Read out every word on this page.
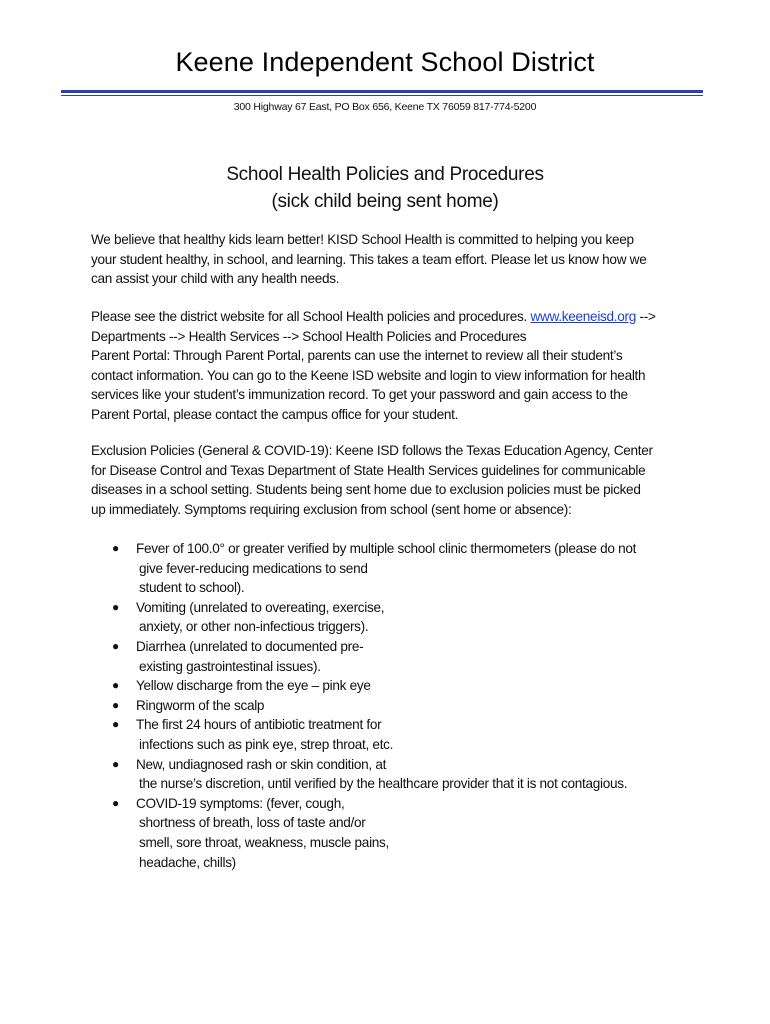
Keene Independent School District
300 Highway 67 East, PO Box 656, Keene TX 76059 817-774-5200
School Health Policies and Procedures
(sick child being sent home)

We believe that healthy kids learn better! KISD School Health is committed to helping you keep

your student healthy, in school, and learning. This takes a team effort. Please let us know how we

can assist your child with any health needs.

Please see the district website for all School Health policies and procedures. www.keeneisd.org -->

Departments --> Health Services --> School Health Policies and Procedures

Parent Portal: Through Parent Portal, parents can use the internet to review all their student’s

contact information. You can go to the Keene ISD website and login to view information for health

services like your student’s immunization record. To get your password and gain access to the

Parent Portal, please contact the campus office for your student.

Exclusion Policies (General & COVID-19): Keene ISD follows the Texas Education Agency, Center

for Disease Control and Texas Department of State Health Services guidelines for communicable

diseases in a school setting. Students being sent home due to exclusion policies must be picked

up immediately. Symptoms requiring exclusion from school (sent home or absence):

● Fever of 100.0° or greater verified by multiple school clinic thermometers (please do not
give fever-reducing medications to send
student to school).
● Vomiting (unrelated to overeating, exercise,
anxiety, or other non-infectious triggers).
● Diarrhea (unrelated to documented pre-
existing gastrointestinal issues).
● Yellow discharge from the eye – pink eye
● Ringworm of the scalp
● The first 24 hours of antibiotic treatment for
infections such as pink eye, strep throat, etc.
● New, undiagnosed rash or skin condition, at
the nurse’s discretion, until verified by the healthcare provider that it is not contagious.
● COVID-19 symptoms: (fever, cough,
shortness of breath, loss of taste and/or
smell, sore throat, weakness, muscle pains,
headache, chills)
